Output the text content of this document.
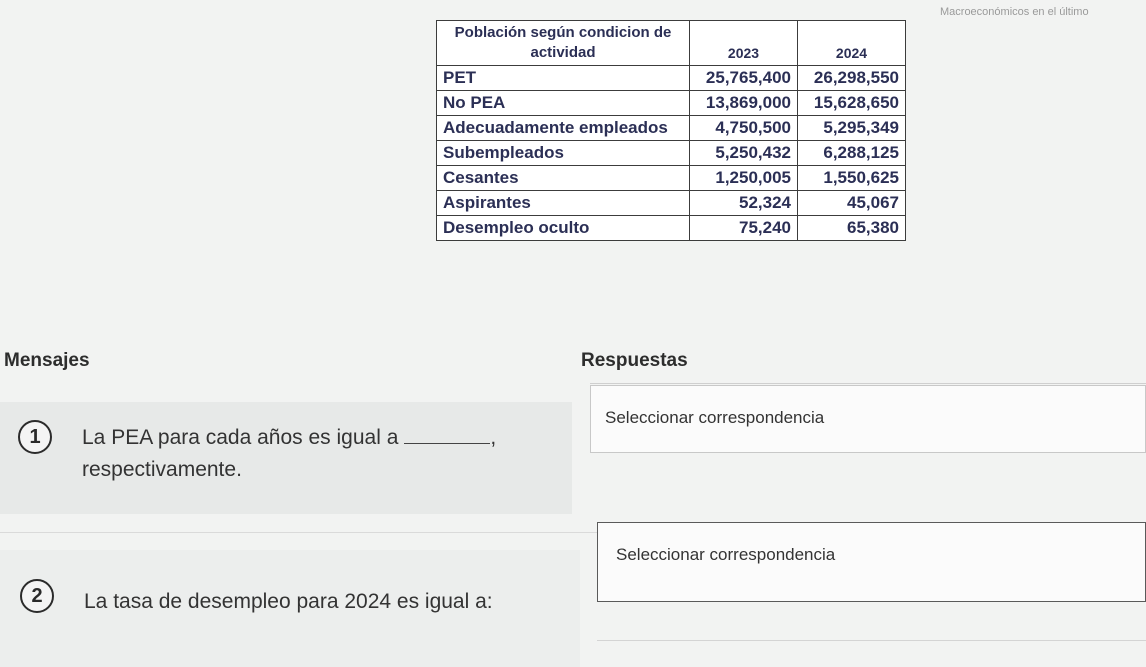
Macroeconómicos en el último
Población según condicion de actividad	2023	2024
PET	25,765,400	26,298,550
No PEA	13,869,000	15,628,650
Adecuadamente empleados	4,750,500	5,295,349
Subempleados	5,250,432	6,288,125
Cesantes	1,250,005	1,550,625
Aspirantes	52,324	45,067
Desempleo oculto	75,240	65,380
Mensajes	Respuestas
1	La PEA para cada años es igual a	, respectivamente.
Seleccionar correspondencia
2	La tasa de desempleo para 2024 es igual a:
Seleccionar correspondencia
